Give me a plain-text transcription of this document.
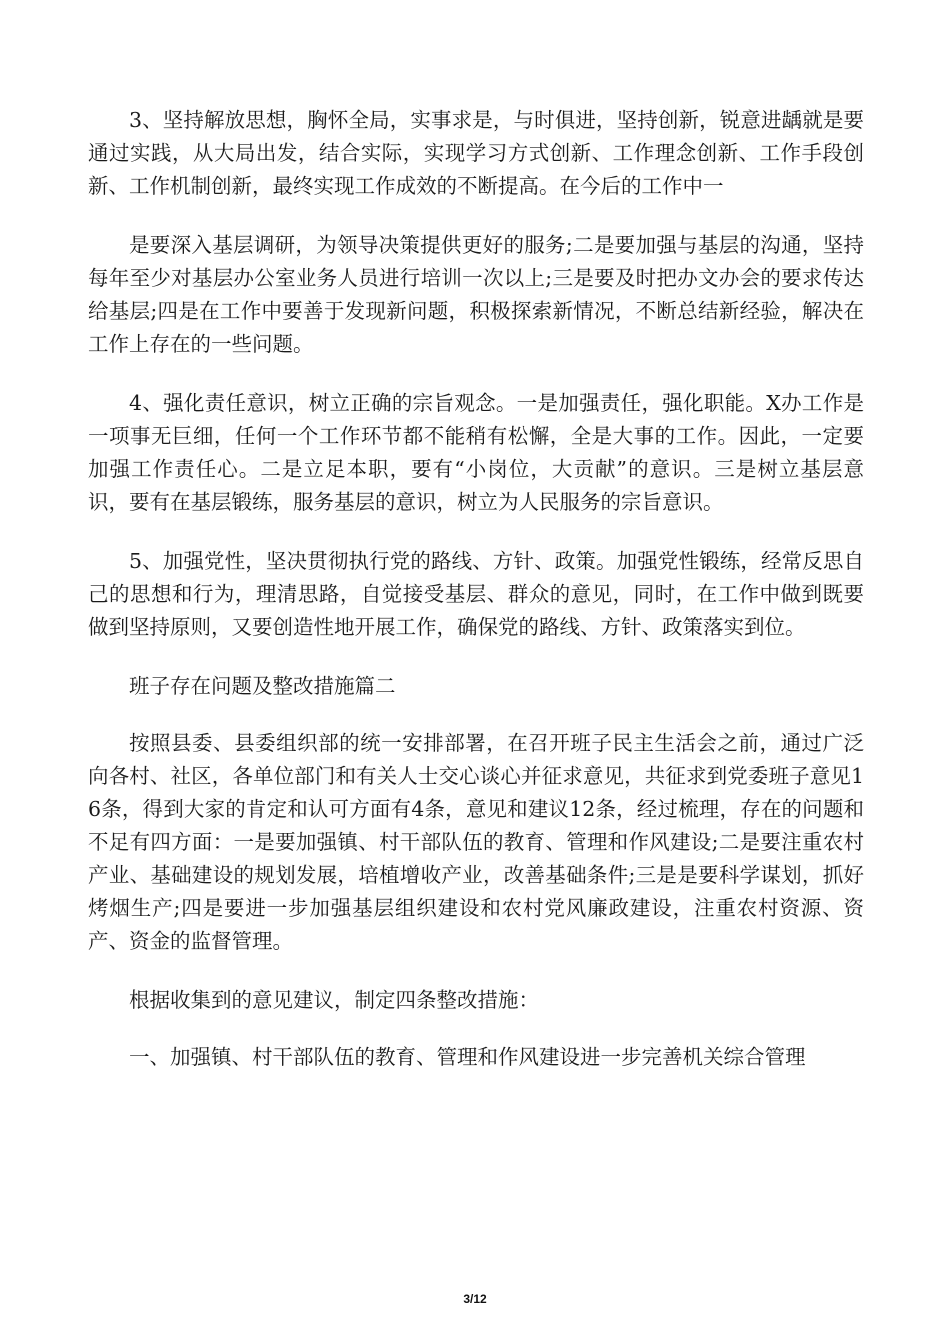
3、坚持解放思想，胸怀全局，实事求是，与时俱进，坚持创新，锐意进龋就是要通过实践，从大局出发，结合实际，实现学习方式创新、工作理念创新、工作手段创新、工作机制创新，最终实现工作成效的不断提高。在今后的工作中一

是要深入基层调研，为领导决策提供更好的服务;二是要加强与基层的沟通，坚持每年至少对基层办公室业务人员进行培训一次以上;三是要及时把办文办会的要求传达给基层;四是在工作中要善于发现新问题，积极探索新情况，不断总结新经验，解决在工作上存在的一些问题。

4、强化责任意识，树立正确的宗旨观念。一是加强责任，强化职能。X办工作是一项事无巨细，任何一个工作环节都不能稍有松懈，全是大事的工作。因此，一定要加强工作责任心。二是立足本职，要有“小岗位，大贡献”的意识。三是树立基层意识，要有在基层锻练，服务基层的意识，树立为人民服务的宗旨意识。

5、加强党性，坚决贯彻执行党的路线、方针、政策。加强党性锻练，经常反思自己的思想和行为，理清思路，自觉接受基层、群众的意见，同时，在工作中做到既要做到坚持原则，又要创造性地开展工作，确保党的路线、方针、政策落实到位。

班子存在问题及整改措施篇二

按照县委、县委组织部的统一安排部署，在召开班子民主生活会之前，通过广泛向各村、社区，各单位部门和有关人士交心谈心并征求意见，共征求到党委班子意见16条，得到大家的肯定和认可方面有4条，意见和建议12条，经过梳理，存在的问题和不足有四方面：一是要加强镇、村干部队伍的教育、管理和作风建设;二是要注重农村产业、基础建设的规划发展，培植增收产业，改善基础条件;三是是要科学谋划，抓好烤烟生产;四是要进一步加强基层组织建设和农村党风廉政建设，注重农村资源、资产、资金的监督管理。

根据收集到的意见建议，制定四条整改措施：

一、加强镇、村干部队伍的教育、管理和作风建设进一步完善机关综合管理

3/12
